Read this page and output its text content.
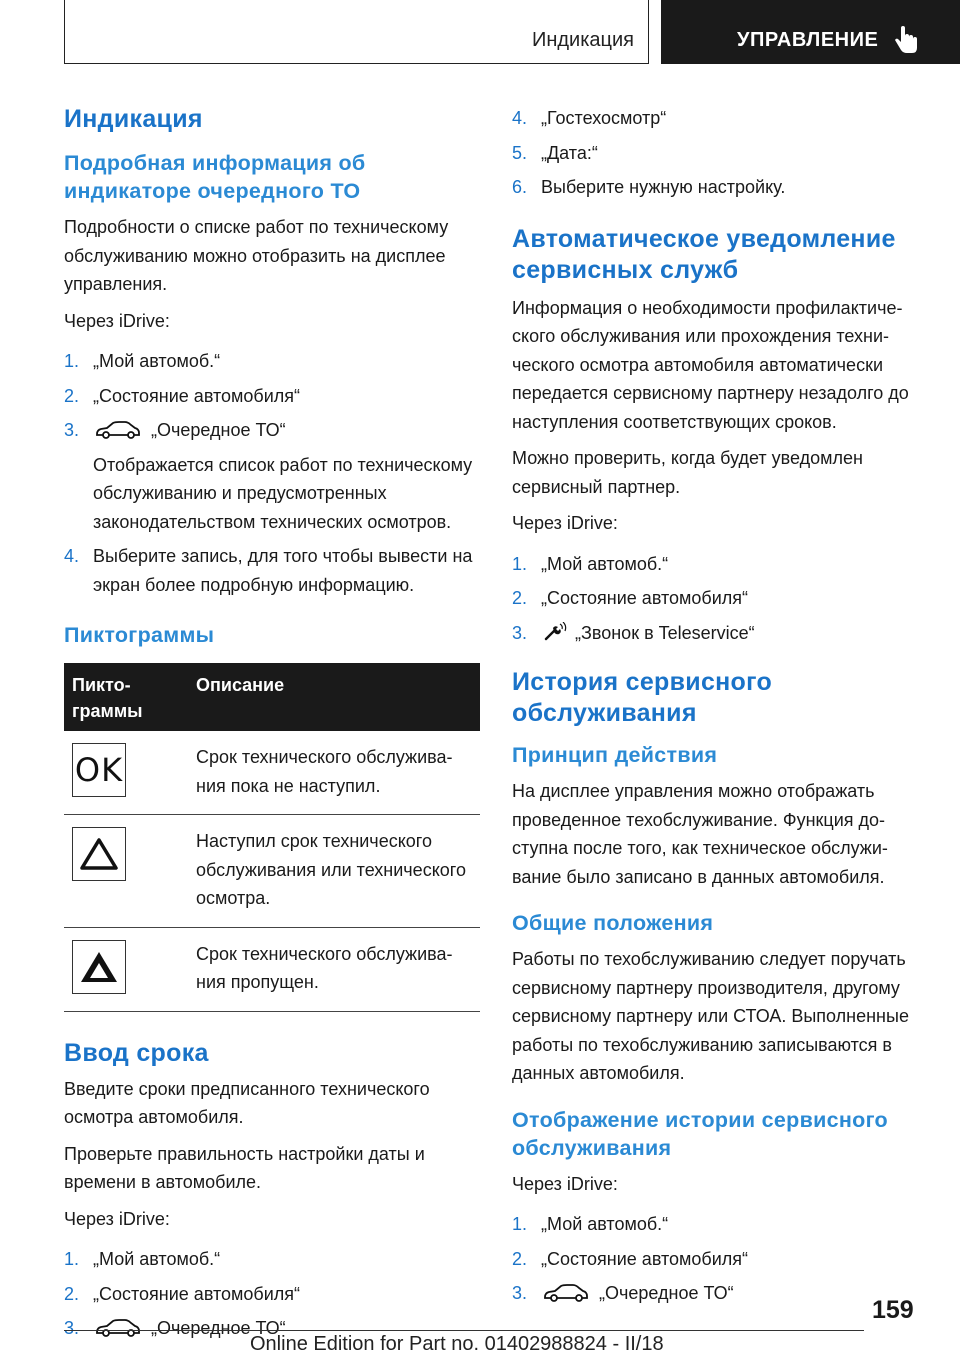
Индикация	УПРАВЛЕНИЕ
Индикация
Подробная информация об индикаторе очередного ТО

Подробности о списке работ по техническому обслуживанию можно отобразить на дисплее управления.

Через iDrive:

1. „Мой автомоб.“
2. „Состояние автомобиля“
3.	„Очередное ТО“
Отображается список работ по техническому обслуживанию и предусмотренных законодательством технических осмотров.
4. Выберите запись, для того чтобы вывести на экран более подробную информацию.
Пиктограммы
Пиктограммы	Описание

OK	Срок технического обслуживания пока не наступил.

	Наступил срок технического обслуживания или технического осмотра.

	Срок технического обслуживания пропущен.
Ввод срока

Введите сроки предписанного технического осмотра автомобиля.

Проверьте правильность настройки даты и времени в автомобиле.

Через iDrive:

1. „Мой автомоб.“
2. „Состояние автомобиля“
3.	„Очередное ТО“
4. „Гостехосмотр“
5. „Дата:“
6. Выберите нужную настройку.
Автоматическое уведомление сервисных служб

Информация о необходимости профилактического обслуживания или прохождения технического осмотра автомобиля автоматически передается сервисному партнеру незадолго до наступления соответствующих сроков.

Можно проверить, когда будет уведомлен сервисный партнер.

Через iDrive:

1. „Мой автомоб.“
2. „Состояние автомобиля“
3.	„Звонок в Teleservice“
История сервисного обслуживания
Принцип действия

На дисплее управления можно отображать проведенное техобслуживание. Функция доступна после того, как техническое обслуживание было записано в данных автомобиля.

Общие положения

Работы по техобслуживанию следует поручать сервисному партнеру производителя, другому сервисному партнеру или СТОА. Выполненные работы по техобслуживанию записываются в данных автомобиля.

Отображение истории сервисного обслуживания

Через iDrive:

1. „Мой автомоб.“
2. „Состояние автомобиля“
3.	„Очередное ТО“
159
Online Edition for Part no. 01402988824 - II/18
